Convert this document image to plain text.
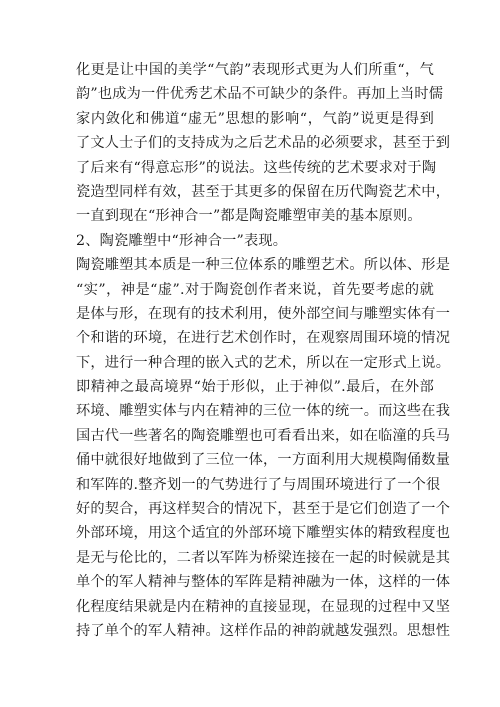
化更是让中国的美学“气韵”表现形式更为人们所重“，气
韵”也成为一件优秀艺术品不可缺少的条件。再加上当时儒
家内敛化和佛道“虚无”思想的影响“，气韵”说更是得到
了文人士子们的支持成为之后艺术品的必须要求，甚至于到
了后来有“得意忘形”的说法。这些传统的艺术要求对于陶
瓷造型同样有效，甚至于其更多的保留在历代陶瓷艺术中，
一直到现在“形神合一”都是陶瓷雕塑审美的基本原则。
2、陶瓷雕塑中“形神合一”表现。
陶瓷雕塑其本质是一种三位体系的雕塑艺术。所以体、形是
“实”，神是“虚”.对于陶瓷创作者来说，首先要考虑的就
是体与形，在现有的技术利用，使外部空间与雕塑实体有一
个和谐的环境，在进行艺术创作时，在观察周围环境的情况
下，进行一种合理的嵌入式的艺术，所以在一定形式上说。
即精神之最高境界“始于形似，止于神似”.最后，在外部
环境、雕塑实体与内在精神的三位一体的统一。而这些在我
国古代一些著名的陶瓷雕塑也可看看出来，如在临潼的兵马
俑中就很好地做到了三位一体，一方面利用大规模陶俑数量
和军阵的.整齐划一的气势进行了与周围环境进行了一个很
好的契合，再这样契合的情况下，甚至于是它们创造了一个
外部环境，用这个适宜的外部环境下雕塑实体的精致程度也
是无与伦比的，二者以军阵为桥梁连接在一起的时候就是其
单个的军人精神与整体的军阵是精神融为一体，这样的一体
化程度结果就是内在精神的直接显现，在显现的过程中又坚
持了单个的军人精神。这样作品的神韵就越发强烈。思想性
